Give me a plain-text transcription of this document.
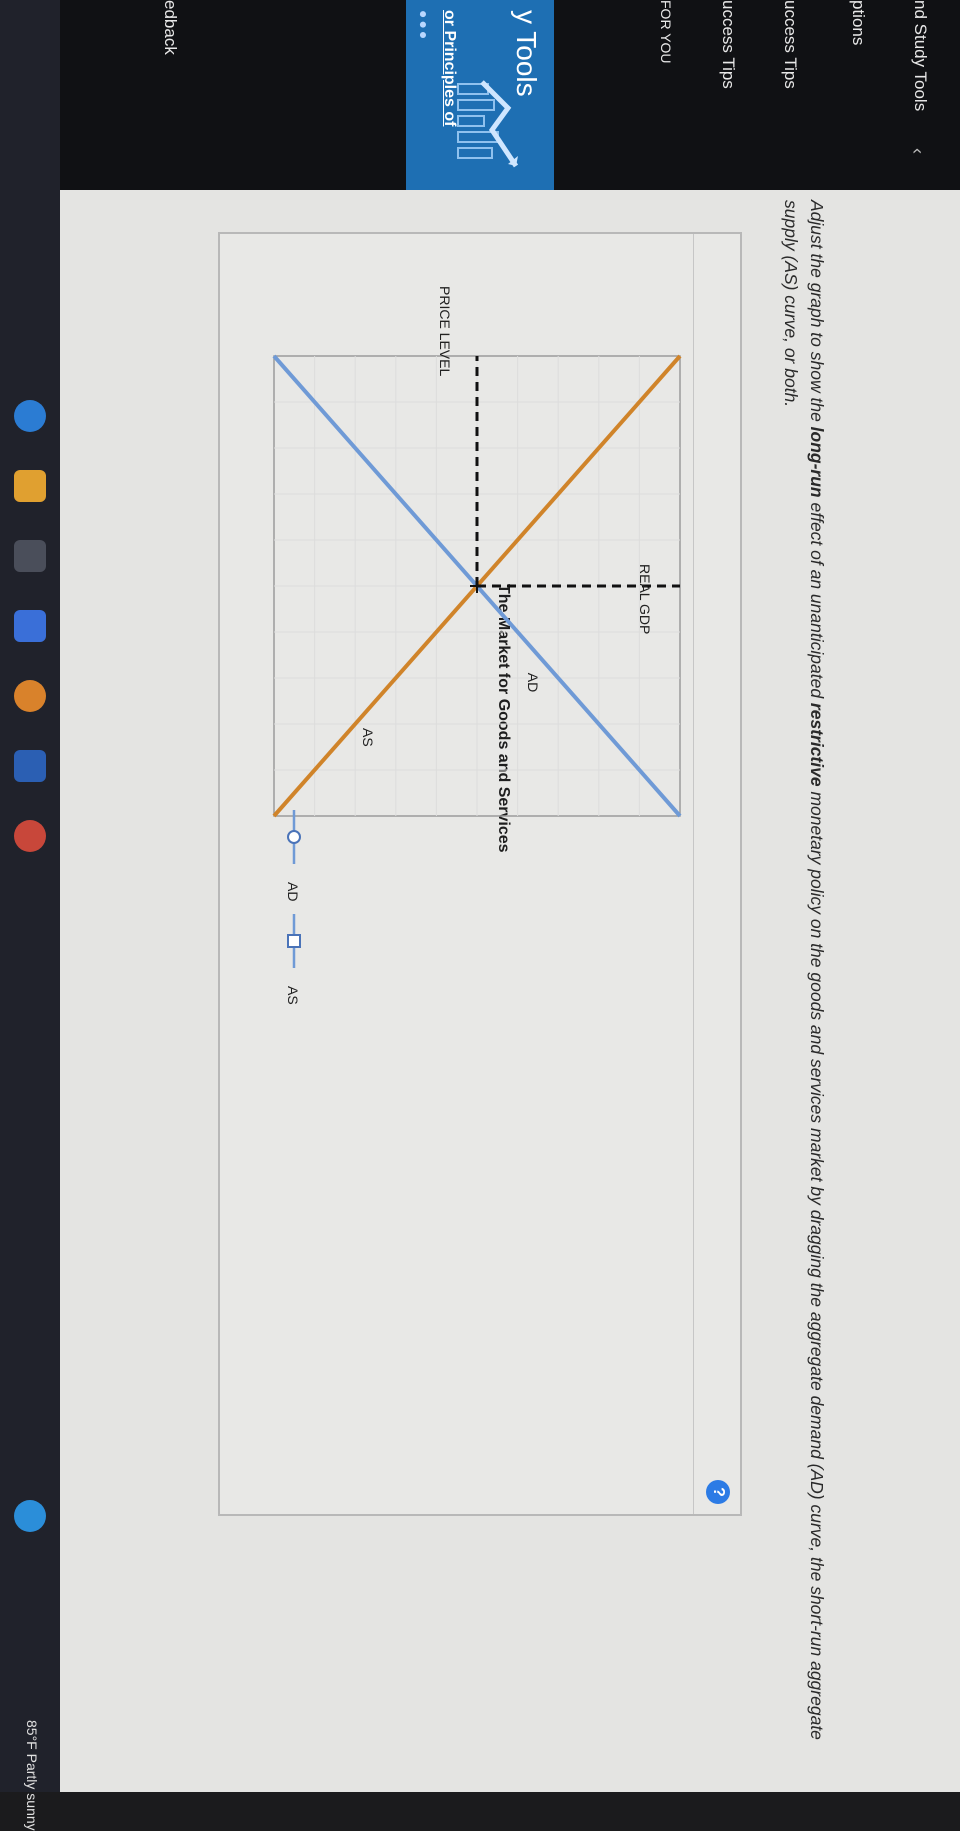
‹
nd Study Tools
ptions
uccess Tips
uccess Tips
FOR YOU
y Tools
or Principles of
●●●
edback
Adjust the graph to show the long-run effect of an unanticipated restrictive monetary policy on the goods and services market by dragging the aggregate demand (AD) curve, the short-run aggregate supply (AS) curve, or both.
?
The Market for Goods and Services
PRICE LEVEL
REAL GDP
AS
AD
AD
AS
85°F Partly sunny
